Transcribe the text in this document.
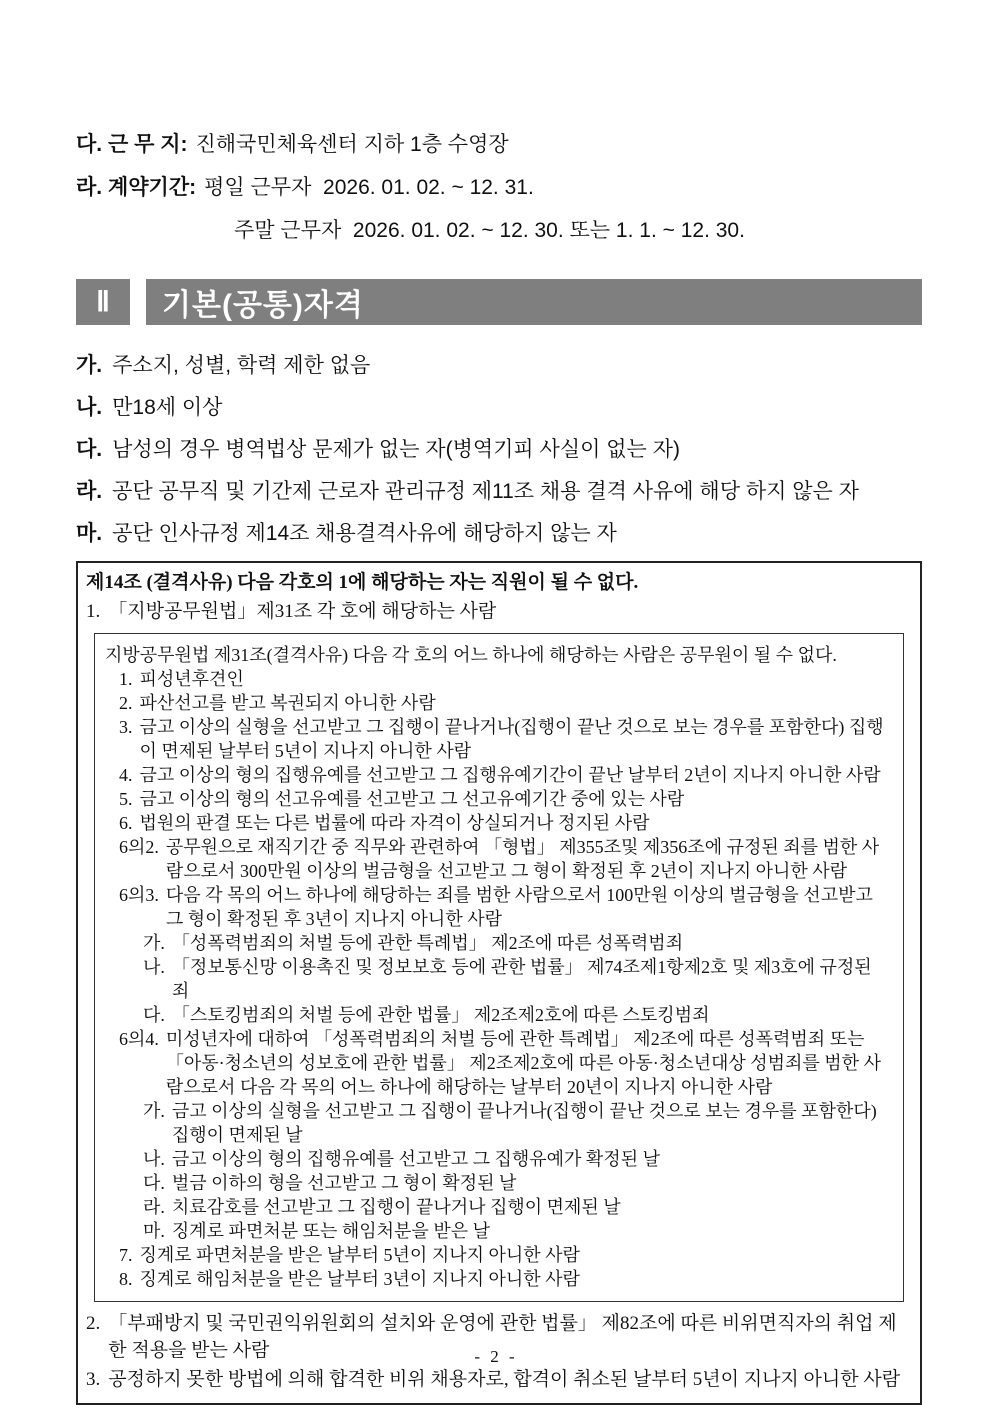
다. 근 무 지: 진해국민체육센터 지하 1층 수영장
라. 계약기간: 평일 근무자  2026. 01. 02. ~ 12. 31.
주말 근무자  2026. 01. 02. ~ 12. 30. 또는 1. 1. ~ 12. 30.
Ⅱ	기본(공통)자격
가. 주소지, 성별, 학력 제한 없음
나. 만18세 이상
다. 남성의 경우 병역법상 문제가 없는 자(병역기피 사실이 없는 자)
라. 공단 공무직 및 기간제 근로자 관리규정 제11조 채용 결격 사유에 해당 하지 않은 자
마. 공단 인사규정 제14조 채용결격사유에 해당하지 않는 자
제14조 (결격사유) 다음 각호의 1에 해당하는 자는 직원이 될 수 없다.
1. 「지방공무원법」제31조 각 호에 해당하는 사람
지방공무원법 제31조(결격사유) 다음 각 호의 어느 하나에 해당하는 사람은 공무원이 될 수 없다.
1. 피성년후견인
2. 파산선고를 받고 복권되지 아니한 사람
3. 금고 이상의 실형을 선고받고 그 집행이 끝나거나(집행이 끝난 것으로 보는 경우를 포함한다) 집행이 면제된 날부터 5년이 지나지 아니한 사람
4. 금고 이상의 형의 집행유예를 선고받고 그 집행유예기간이 끝난 날부터 2년이 지나지 아니한 사람
5. 금고 이상의 형의 선고유예를 선고받고 그 선고유예기간 중에 있는 사람
6. 법원의 판결 또는 다른 법률에 따라 자격이 상실되거나 정지된 사람
6의2. 공무원으로 재직기간 중 직무와 관련하여 「형법」 제355조및 제356조에 규정된 죄를 범한 사람으로서 300만원 이상의 벌금형을 선고받고 그 형이 확정된 후 2년이 지나지 아니한 사람
6의3. 다음 각 목의 어느 하나에 해당하는 죄를 범한 사람으로서 100만원 이상의 벌금형을 선고받고 그 형이 확정된 후 3년이 지나지 아니한 사람
가. 「성폭력범죄의 처벌 등에 관한 특례법」 제2조에 따른 성폭력범죄
나. 「정보통신망 이용촉진 및 정보보호 등에 관한 법률」 제74조제1항제2호 및 제3호에 규정된 죄
다. 「스토킹범죄의 처벌 등에 관한 법률」 제2조제2호에 따른 스토킹범죄
6의4. 미성년자에 대하여 「성폭력범죄의 처벌 등에 관한 특례법」 제2조에 따른 성폭력범죄 또는 「아동·청소년의 성보호에 관한 법률」 제2조제2호에 따른 아동·청소년대상 성범죄를 범한 사람으로서 다음 각 목의 어느 하나에 해당하는 날부터 20년이 지나지 아니한 사람
가. 금고 이상의 실형을 선고받고 그 집행이 끝나거나(집행이 끝난 것으로 보는 경우를 포함한다) 집행이 면제된 날
나. 금고 이상의 형의 집행유예를 선고받고 그 집행유예가 확정된 날
다. 벌금 이하의 형을 선고받고 그 형이 확정된 날
라. 치료감호를 선고받고 그 집행이 끝나거나 집행이 면제된 날
마. 징계로 파면처분 또는 해임처분을 받은 날
7. 징계로 파면처분을 받은 날부터 5년이 지나지 아니한 사람
8. 징계로 해임처분을 받은 날부터 3년이 지나지 아니한 사람
2. 「부패방지 및 국민권익위원회의 설치와 운영에 관한 법률」 제82조에 따른 비위면직자의 취업 제한 적용을 받는 사람
3. 공정하지 못한 방법에 의해 합격한 비위 채용자로, 합격이 취소된 날부터 5년이 지나지 아니한 사람
- 2 -
